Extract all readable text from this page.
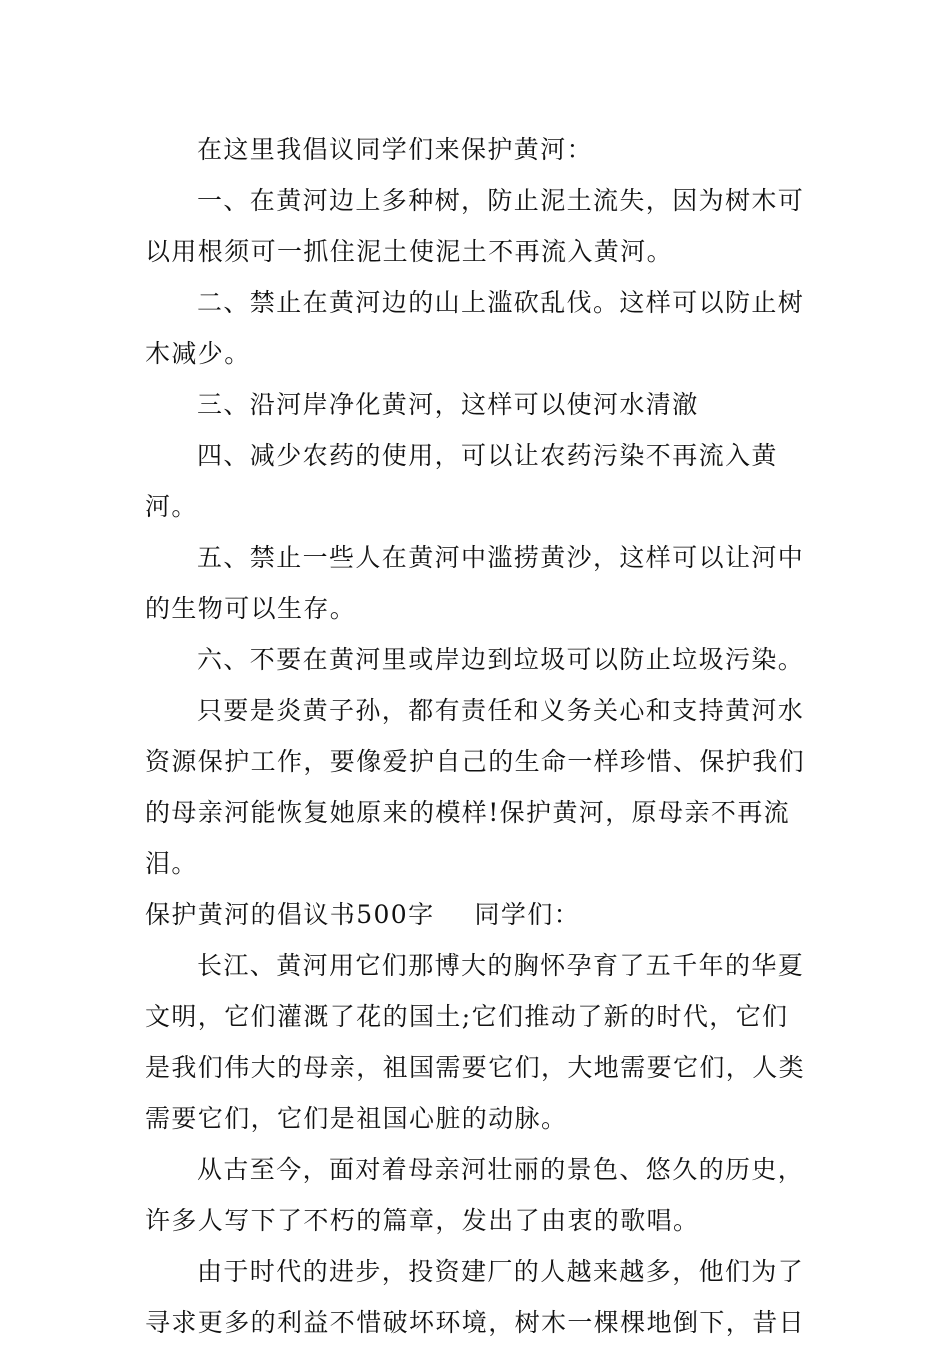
在这里我倡议同学们来保护黄河：

一、在黄河边上多种树，防止泥土流失，因为树木可以用根须可一抓住泥土使泥土不再流入黄河。

二、禁止在黄河边的山上滥砍乱伐。这样可以防止树木减少。

三、沿河岸净化黄河，这样可以使河水清澈

四、减少农药的使用，可以让农药污染不再流入黄河。

五、禁止一些人在黄河中滥捞黄沙，这样可以让河中的生物可以生存。

六、不要在黄河里或岸边到垃圾可以防止垃圾污染。

只要是炎黄子孙，都有责任和义务关心和支持黄河水资源保护工作，要像爱护自己的生命一样珍惜、保护我们的母亲河能恢复她原来的模样!保护黄河，原母亲不再流泪。

保护黄河的倡议书500字 同学们：

长江、黄河用它们那博大的胸怀孕育了五千年的华夏文明，它们灌溉了花的国土;它们推动了新的时代，它们是我们伟大的母亲，祖国需要它们，大地需要它们，人类需要它们，它们是祖国心脏的动脉。

从古至今，面对着母亲河壮丽的景色、悠久的历史，许多人写下了不朽的篇章，发出了由衷的歌唱。

由于时代的进步，投资建厂的人越来越多，他们为了寻求更多的利益不惜破坏环境，树木一棵棵地倒下，昔日
